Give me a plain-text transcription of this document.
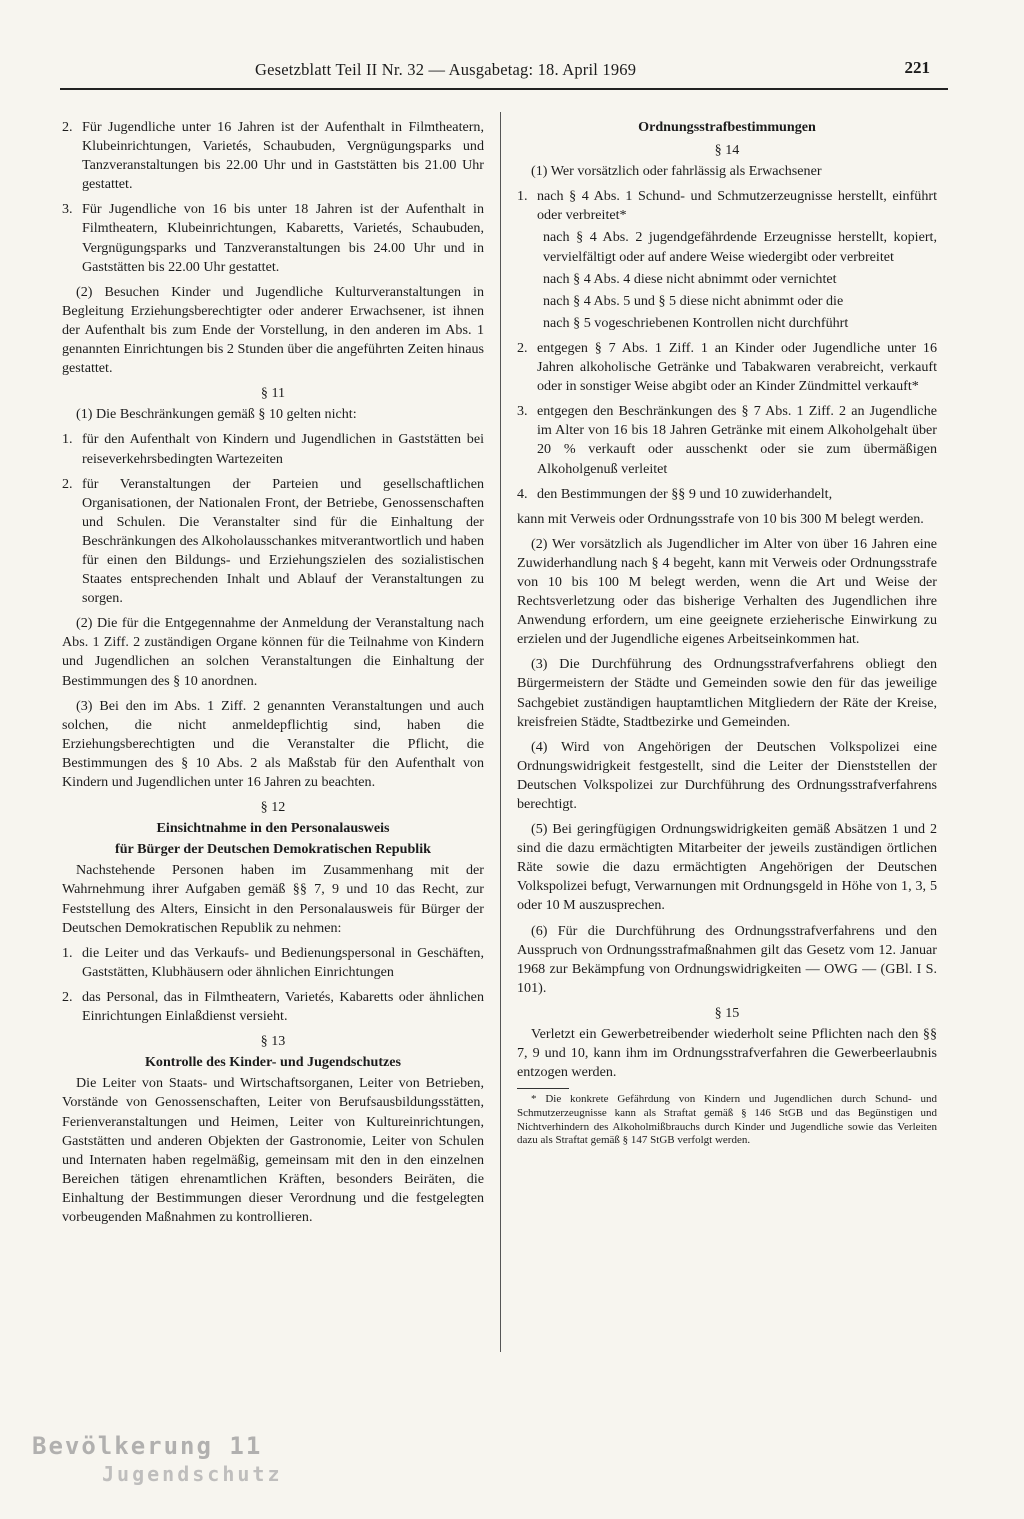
Gesetzblatt Teil II Nr. 32 — Ausgabetag: 18. April 1969	221
2. Für Jugendliche unter 16 Jahren ist der Aufenthalt in Filmtheatern, Klubeinrichtungen, Varietés, Schaubuden, Vergnügungsparks und Tanzveranstaltungen bis 22.00 Uhr und in Gaststätten bis 21.00 Uhr gestattet.
3. Für Jugendliche von 16 bis unter 18 Jahren ist der Aufenthalt in Filmtheatern, Klubeinrichtungen, Kabaretts, Varietés, Schaubuden, Vergnügungsparks und Tanzveranstaltungen bis 24.00 Uhr und in Gaststätten bis 22.00 Uhr gestattet.

(2) Besuchen Kinder und Jugendliche Kulturveranstaltungen in Begleitung Erziehungsberechtigter oder anderer Erwachsener, ist ihnen der Aufenthalt bis zum Ende der Vorstellung, in den anderen im Abs. 1 genannten Einrichtungen bis 2 Stunden über die angeführten Zeiten hinaus gestattet.

§ 11

(1) Die Beschränkungen gemäß § 10 gelten nicht:

1. für den Aufenthalt von Kindern und Jugendlichen in Gaststätten bei reiseverkehrsbedingten Wartezeiten
2. für Veranstaltungen der Parteien und gesellschaftlichen Organisationen, der Nationalen Front, der Betriebe, Genossenschaften und Schulen. Die Veranstalter sind für die Einhaltung der Beschränkungen des Alkoholausschankes mitverantwortlich und haben für einen den Bildungs- und Erziehungszielen des sozialistischen Staates entsprechenden Inhalt und Ablauf der Veranstaltungen zu sorgen.

(2) Die für die Entgegennahme der Anmeldung der Veranstaltung nach Abs. 1 Ziff. 2 zuständigen Organe können für die Teilnahme von Kindern und Jugendlichen an solchen Veranstaltungen die Einhaltung der Bestimmungen des § 10 anordnen.

(3) Bei den im Abs. 1 Ziff. 2 genannten Veranstaltungen und auch solchen, die nicht anmeldepflichtig sind, haben die Erziehungsberechtigten und die Veranstalter die Pflicht, die Bestimmungen des § 10 Abs. 2 als Maßstab für den Aufenthalt von Kindern und Jugendlichen unter 16 Jahren zu beachten.

§ 12
Einsichtnahme in den Personalausweis
für Bürger der Deutschen Demokratischen Republik

Nachstehende Personen haben im Zusammenhang mit der Wahrnehmung ihrer Aufgaben gemäß §§ 7, 9 und 10 das Recht, zur Feststellung des Alters, Einsicht in den Personalausweis für Bürger der Deutschen Demokratischen Republik zu nehmen:

1. die Leiter und das Verkaufs- und Bedienungspersonal in Geschäften, Gaststätten, Klubhäusern oder ähnlichen Einrichtungen
2. das Personal, das in Filmtheatern, Varietés, Kabaretts oder ähnlichen Einrichtungen Einlaßdienst versieht.
§ 13
Kontrolle des Kinder- und Jugendschutzes

Die Leiter von Staats- und Wirtschaftsorganen, Leiter von Betrieben, Vorstände von Genossenschaften, Leiter von Berufsausbildungsstätten, Ferienveranstaltungen und Heimen, Leiter von Kultureinrichtungen, Gaststätten und anderen Objekten der Gastronomie, Leiter von Schulen und Internaten haben regelmäßig, gemeinsam mit den in den einzelnen Bereichen tätigen ehrenamtlichen Kräften, besonders Beiräten, die Einhaltung der Bestimmungen dieser Verordnung und die festgelegten vorbeugenden Maßnahmen zu kontrollieren.

Ordnungsstrafbestimmungen
§ 14

(1) Wer vorsätzlich oder fahrlässig als Erwachsener

1. nach § 4 Abs. 1 Schund- und Schmutzerzeugnisse herstellt, einführt oder verbreitet*

nach § 4 Abs. 2 jugendgefährdende Erzeugnisse herstellt, kopiert, vervielfältigt oder auf andere Weise wiedergibt oder verbreitet

nach § 4 Abs. 4 diese nicht abnimmt oder vernichtet

nach § 4 Abs. 5 und § 5 diese nicht abnimmt oder die

nach § 5 vogeschriebenen Kontrollen nicht durchführt

2. entgegen § 7 Abs. 1 Ziff. 1 an Kinder oder Jugendliche unter 16 Jahren alkoholische Getränke und Tabakwaren verabreicht, verkauft oder in sonstiger Weise abgibt oder an Kinder Zündmittel verkauft*
3. entgegen den Beschränkungen des § 7 Abs. 1 Ziff. 2 an Jugendliche im Alter von 16 bis 18 Jahren Getränke mit einem Alkoholgehalt über 20 % verkauft oder ausschenkt oder sie zum übermäßigen Alkoholgenuß verleitet
4. den Bestimmungen der §§ 9 und 10 zuwiderhandelt,

kann mit Verweis oder Ordnungsstrafe von 10 bis 300 M belegt werden.

(2) Wer vorsätzlich als Jugendlicher im Alter von über 16 Jahren eine Zuwiderhandlung nach § 4 begeht, kann mit Verweis oder Ordnungsstrafe von 10 bis 100 M belegt werden, wenn die Art und Weise der Rechtsverletzung oder das bisherige Verhalten des Jugendlichen ihre Anwendung erfordern, um eine geeignete erzieherische Einwirkung zu erzielen und der Jugendliche eigenes Arbeitseinkommen hat.

(3) Die Durchführung des Ordnungsstrafverfahrens obliegt den Bürgermeistern der Städte und Gemeinden sowie den für das jeweilige Sachgebiet zuständigen hauptamtlichen Mitgliedern der Räte der Kreise, kreisfreien Städte, Stadtbezirke und Gemeinden.

(4) Wird von Angehörigen der Deutschen Volkspolizei eine Ordnungswidrigkeit festgestellt, sind die Leiter der Dienststellen der Deutschen Volkspolizei zur Durchführung des Ordnungsstrafverfahrens berechtigt.

(5) Bei geringfügigen Ordnungswidrigkeiten gemäß Absätzen 1 und 2 sind die dazu ermächtigten Mitarbeiter der jeweils zuständigen örtlichen Räte sowie die dazu ermächtigten Angehörigen der Deutschen Volkspolizei befugt, Verwarnungen mit Ordnungsgeld in Höhe von 1, 3, 5 oder 10 M auszusprechen.

(6) Für die Durchführung des Ordnungsstrafverfahrens und den Ausspruch von Ordnungsstrafmaßnahmen gilt das Gesetz vom 12. Januar 1968 zur Bekämpfung von Ordnungswidrigkeiten — OWG — (GBl. I S. 101).

§ 15

Verletzt ein Gewerbetreibender wiederholt seine Pflichten nach den §§ 7, 9 und 10, kann ihm im Ordnungsstrafverfahren die Gewerbeerlaubnis entzogen werden.

* Die konkrete Gefährdung von Kindern und Jugendlichen durch Schund- und Schmutzerzeugnisse kann als Straftat gemäß § 146 StGB und das Begünstigen und Nichtverhindern des Alkoholmißbrauchs durch Kinder und Jugendliche sowie das Verleiten dazu als Straftat gemäß § 147 StGB verfolgt werden.

Bevölkerung 11
Jugendschutz
